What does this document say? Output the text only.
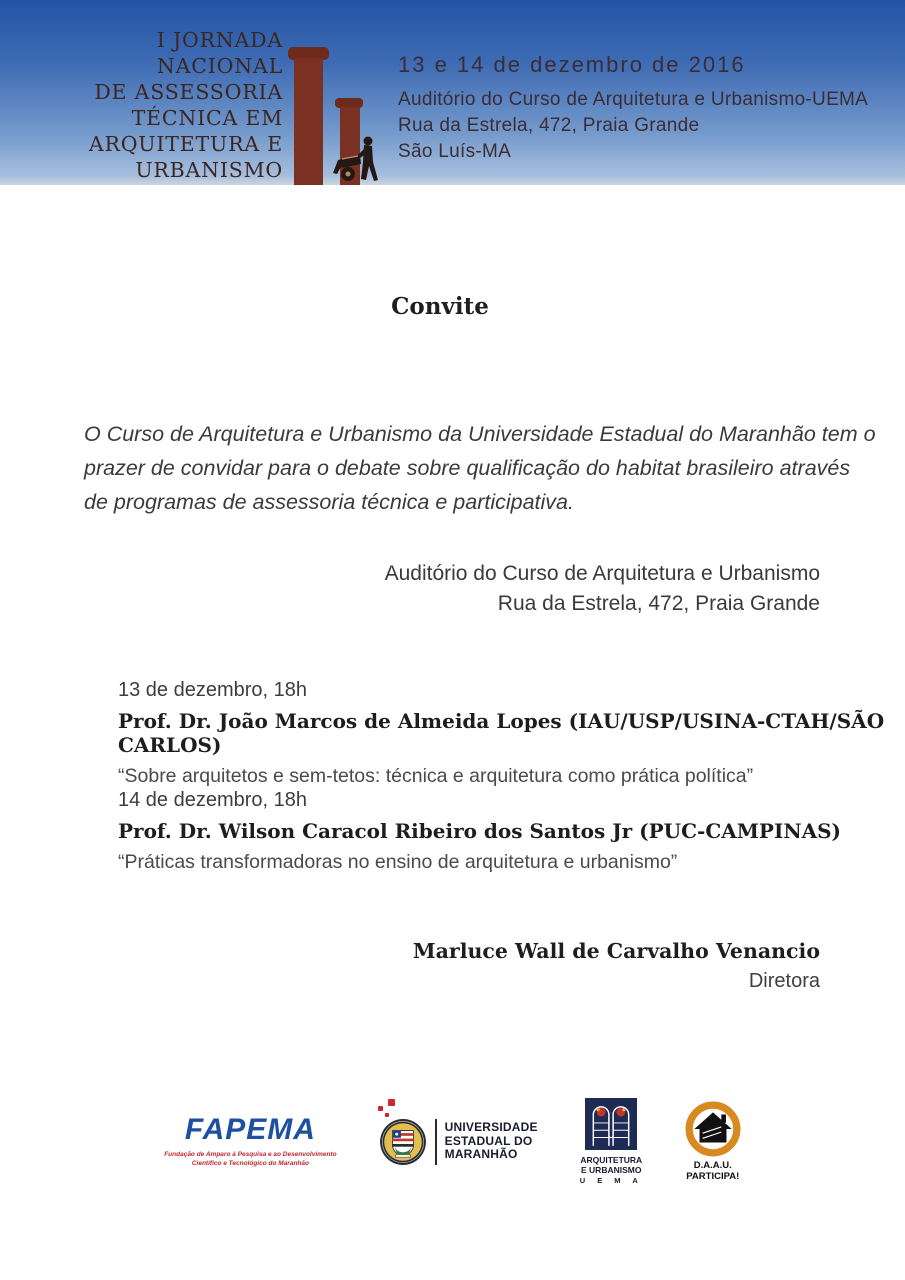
I JORNADA
NACIONAL
DE ASSESSORIA
TÉCNICA EM
ARQUITETURA E
URBANISMO
13 e 14 de dezembro de 2016
Auditório do Curso de Arquitetura e Urbanismo-UEMA
Rua da Estrela, 472, Praia Grande
São Luís-MA
Convite

O Curso de Arquitetura e Urbanismo da Universidade Estadual do Maranhão tem o prazer de convidar para o debate sobre qualificação do habitat brasileiro através de programas de assessoria técnica e participativa.

Auditório do Curso de Arquitetura e Urbanismo
Rua da Estrela, 472, Praia Grande
13 de dezembro, 18h
Prof. Dr. João Marcos de Almeida Lopes (IAU/USP/USINA-CTAH/SÃO CARLOS)
“Sobre arquitetos e sem-tetos: técnica e arquitetura como prática política”
14 de dezembro, 18h
Prof. Dr. Wilson Caracol Ribeiro dos Santos Jr (PUC-CAMPINAS)
“Práticas transformadoras no ensino de arquitetura e urbanismo”
Marluce Wall de Carvalho Venancio
Diretora
FAPEMA
Fundação de Amparo à Pesquisa e ao Desenvolvimento
Científico e Tecnológico do Maranhão
UNIVERSIDADE
ESTADUAL DO
MARANHÃO	ARQUITETURA
E URBANISMO
U E M A
D.A.A.U.
PARTICIPA!
